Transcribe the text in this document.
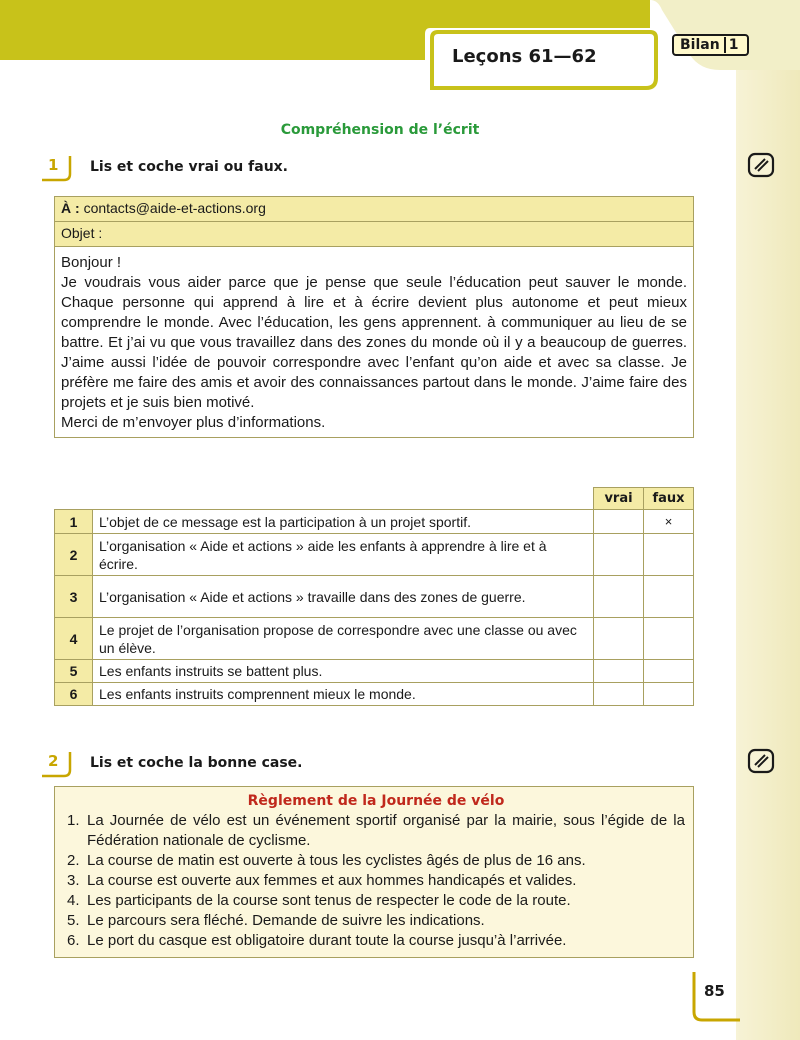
Leçons 61—62
Bilan 1
Compréhension de l’écrit
1 Lis et coche vrai ou faux.
À : contacts@aide-et-actions.org
Objet :

Bonjour !

Je voudrais vous aider parce que je pense que seule l’éducation peut sauver le monde. Chaque personne qui apprend à lire et à écrire devient plus autonome et peut mieux comprendre le monde. Avec l’éducation, les gens apprennent. à communiquer au lieu de se battre. Et j’ai vu que vous travaillez dans des zones du monde où il y a beaucoup de guerres. J’aime aussi l’idée de pouvoir correspondre avec l’enfant qu’on aide et avec sa classe. Je préfère me faire des amis et avoir des connaissances partout dans le monde. J’aime faire des projets et je suis bien motivé.

Merci de m’envoyer plus d’informations.

		vrai	faux
1	L’objet de ce message est la participation à un projet sportif.		×
2	L’organisation « Aide et actions » aide les enfants à apprendre à lire et à écrire.		
3	L’organisation « Aide et actions » travaille dans des zones de guerre.		
4	Le projet de l’organisation propose de correspondre avec une classe ou avec un élève.		
5	Les enfants instruits se battent plus.		
6	Les enfants instruits comprennent mieux le monde.		
2 Lis et coche la bonne case.
Règlement de la Journée de vélo
1. La Journée de vélo est un événement sportif organisé par la mairie, sous l’égide de la Fédération nationale de cyclisme.
2. La course de matin est ouverte à tous les cyclistes âgés de plus de 16 ans.
3. La course est ouverte aux femmes et aux hommes handicapés et valides.
4. Les participants de la course sont tenus de respecter le code de la route.
5. Le parcours sera fléché. Demande de suivre les indications.
6. Le port du casque est obligatoire durant toute la course jusqu’à l’arrivée.
85
